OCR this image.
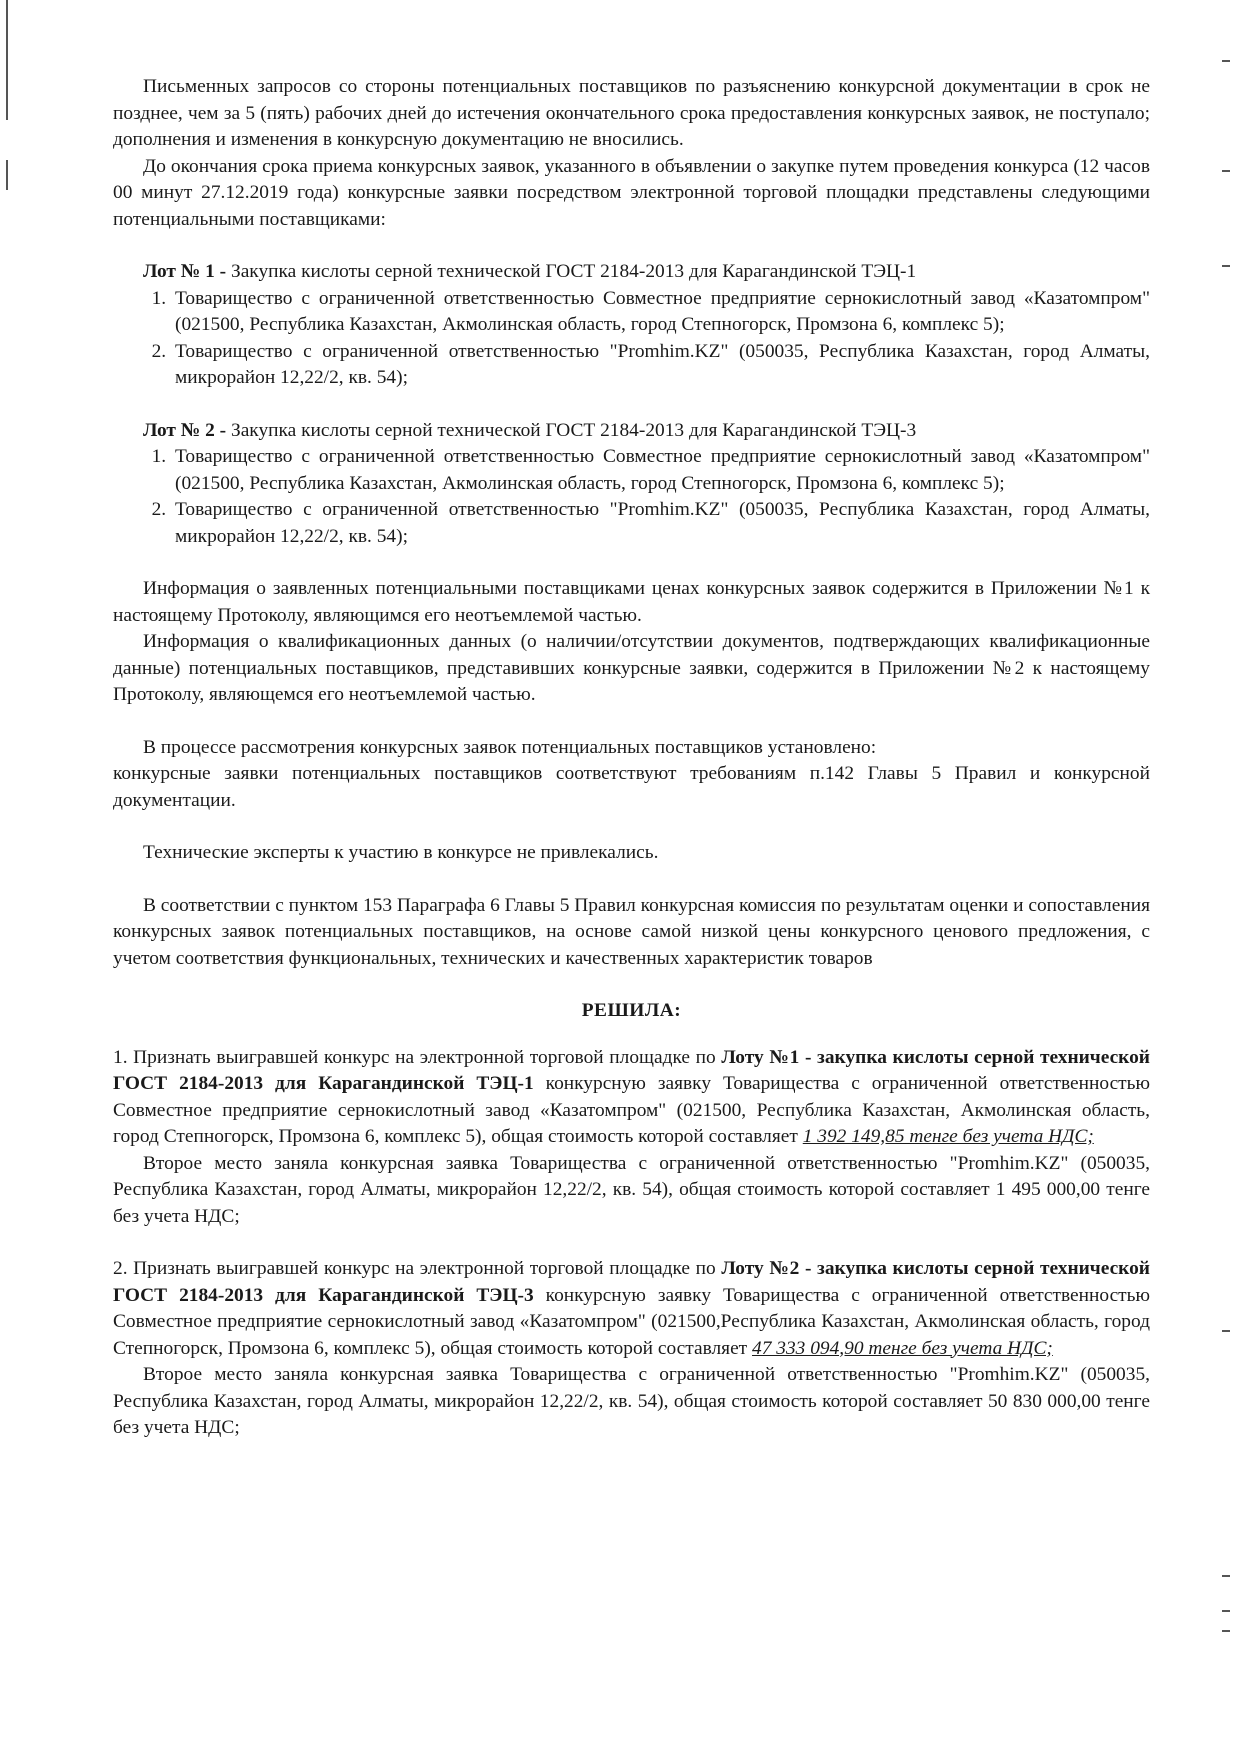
Письменных запросов со стороны потенциальных поставщиков по разъяснению конкурсной документации в срок не позднее, чем за 5 (пять) рабочих дней до истечения окончательного срока предоставления конкурсных заявок, не поступало; дополнения и изменения в конкурсную документацию не вносились.

До окончания срока приема конкурсных заявок, указанного в объявлении о закупке путем проведения конкурса (12 часов 00 минут 27.12.2019 года) конкурсные заявки посредством электронной торговой площадки представлены следующими потенциальными поставщиками:

Лот № 1 - Закупка кислоты серной технической ГОСТ 2184-2013 для Карагандинской ТЭЦ-1

1. Товарищество с ограниченной ответственностью Совместное предприятие сернокислотный завод «Казатомпром" (021500, Республика Казахстан, Акмолинская область, город Степногорск, Промзона 6, комплекс 5);
2. Товарищество с ограниченной ответственностью "Promhim.KZ" (050035, Республика Казахстан, город Алматы, микрорайон 12,22/2, кв. 54);

Лот № 2 - Закупка кислоты серной технической ГОСТ 2184-2013 для Карагандинской ТЭЦ-3

1. Товарищество с ограниченной ответственностью Совместное предприятие сернокислотный завод «Казатомпром" (021500, Республика Казахстан, Акмолинская область, город Степногорск, Промзона 6, комплекс 5);
2. Товарищество с ограниченной ответственностью "Promhim.KZ" (050035, Республика Казахстан, город Алматы, микрорайон 12,22/2, кв. 54);

Информация о заявленных потенциальными поставщиками ценах конкурсных заявок содержится в Приложении №1 к настоящему Протоколу, являющимся его неотъемлемой частью.

Информация о квалификационных данных (о наличии/отсутствии документов, подтверждающих квалификационные данные) потенциальных поставщиков, представивших конкурсные заявки, содержится в Приложении №2 к настоящему Протоколу, являющемся его неотъемлемой частью.

В процессе рассмотрения конкурсных заявок потенциальных поставщиков установлено:

конкурсные заявки потенциальных поставщиков соответствуют требованиям п.142 Главы 5 Правил и конкурсной документации.

Технические эксперты к участию в конкурсе не привлекались.

В соответствии с пунктом 153 Параграфа 6 Главы 5 Правил конкурсная комиссия по результатам оценки и сопоставления конкурсных заявок потенциальных поставщиков, на основе самой низкой цены конкурсного ценового предложения, с учетом соответствия функциональных, технических и качественных характеристик товаров

РЕШИЛА:

1. Признать выигравшей конкурс на электронной торговой площадке по Лоту №1 - закупка кислоты серной технической ГОСТ 2184-2013 для Карагандинской ТЭЦ-1 конкурсную заявку Товарищества с ограниченной ответственностью Совместное предприятие сернокислотный завод «Казатомпром" (021500, Республика Казахстан, Акмолинская область, город Степногорск, Промзона 6, комплекс 5), общая стоимость которой составляет 1 392 149,85 тенге без учета НДС;

Второе место заняла конкурсная заявка Товарищества с ограниченной ответственностью "Promhim.KZ" (050035, Республика Казахстан, город Алматы, микрорайон 12,22/2, кв. 54), общая стоимость которой составляет 1 495 000,00 тенге без учета НДС;

2. Признать выигравшей конкурс на электронной торговой площадке по Лоту №2 - закупка кислоты серной технической ГОСТ 2184-2013 для Карагандинской ТЭЦ-3 конкурсную заявку Товарищества с ограниченной ответственностью Совместное предприятие сернокислотный завод «Казатомпром" (021500,Республика Казахстан, Акмолинская область, город Степногорск, Промзона 6, комплекс 5), общая стоимость которой составляет 47 333 094,90 тенге без учета НДС;

Второе место заняла конкурсная заявка Товарищества с ограниченной ответственностью "Promhim.KZ" (050035, Республика Казахстан, город Алматы, микрорайон 12,22/2, кв. 54), общая стоимость которой составляет 50 830 000,00 тенге без учета НДС;
